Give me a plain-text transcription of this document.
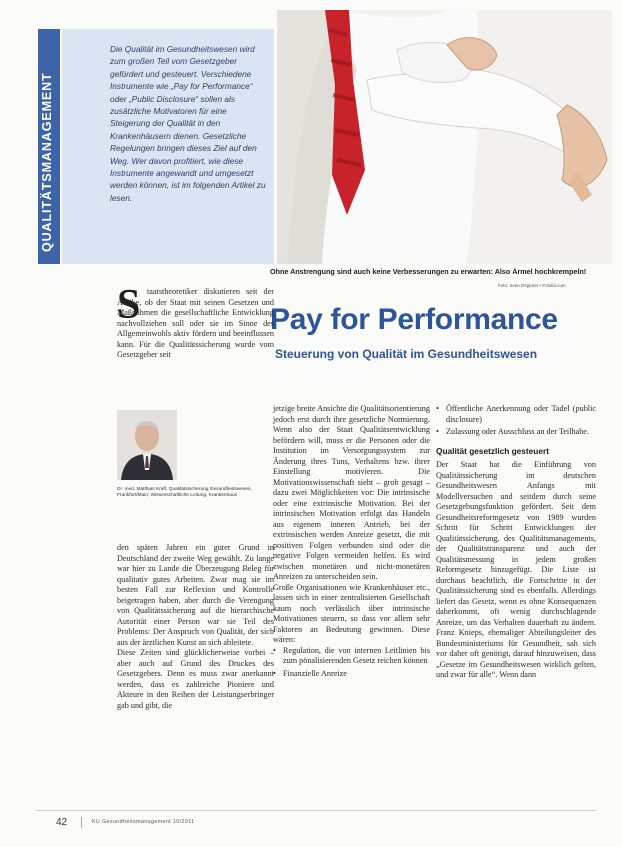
QUALITÄTSMANAGEMENT

Die Qualität im Gesundheitswesen wird zum großen Teil vom Gesetzgeber gefördert und gesteuert. Verschiedene Instrumente wie „Pay for Performance“ oder „Public Disclosure“ sollen als zusätzliche Motivatoren für eine Steigerung der Qualität in den Krankenhäusern dienen. Gesetzliche Regelungen bringen dieses Ziel auf den Weg. Wer davon profitiert, wie diese Instrumente angewandt und umgesetzt werden können, ist im folgenden Artikel zu lesen.

Ohne Anstrengung sind auch keine Verbesserungen zu erwarten: Also Ärmel hochkrempeln!

Foto: Sven Deppner • Fotolia.com
Pay for Performance
Steuerung von Qualität im Gesundheitswesen
S taatstheoretiker diskutieren seit der Antike, ob der Staat mit seinen Gesetzen und Maßnahmen die gesellschaftliche Entwicklung nachvollziehen soll oder sie im Sinne des Allgemeinwohls aktiv fördern und beeinflussen kann. Für die Qualitätssicherung wurde vom Gesetzgeber seit

Dr. med. Matthias Kraft, Qualitätssicherung Gesundheitswesen, Frankfurt/Main; Wissenschaftliche Leitung, Krankenhaus

den späten Jahren ein guter Grund in Deutschland der zweite Weg gewählt. Zu lange war hier zu Lande die Überzeugung Beleg für qualitativ gutes Arbeiten. Zwar mag sie im besten Fall zur Reflexion und Kontrolle beigetragen haben, aber durch die Verengung von Qualitätssicherung auf die hierarchische Autorität einer Person war sie Teil des Problems: Der Anspruch von Qualität, der sich aus der ärztlichen Kunst an sich ableitete.

Diese Zeiten sind glücklicherweise vorbei – aber auch auf Grund des Druckes des Gesetzgebers. Denn es muss zwar anerkannt werden, dass es zahlreiche Pioniere und Akteure in den Reihen der Leistungserbringer gab und gibt, die

jetzige breite Ansichte die Qualitätsorientierung jedoch erst durch ihre gesetzliche Normierung. Wenn also der Staat Qualitätsentwicklung befördern will, muss er die Personen oder die Institution im Versorgungssystem zur Änderung ihres Tuns, Verhaltens bzw. ihrer Einstellung motivieren. Die Motivationswissenschaft sieht – grob gesagt – dazu zwei Möglichkeiten vor: Die intrinsische oder eine extrinsische Motivation. Bei der intrinsischen Motivation erfolgt das Handeln aus eigenem inneren Antrieb, bei der extrinsischen werden Anreize gesetzt, die mit positiven Folgen verbunden sind oder die negative Folgen vermeiden helfen. Es wird zwischen monetären und nicht-monetären Anreizen zu unterscheiden sein.

Große Organisationen wie Krankenhäuser etc., lassen sich in einer zentralisierten Gesellschaft kaum noch verlässlich über intrinsische Motivationen steuern, so dass vor allem sehr Faktoren an Bedeutung gewinnen. Diese wären:

• Regulation, die von internen Leitlinien bis zum pönalisierenden Gesetz reichen können

• Finanzielle Anreize

• Öffentliche Anerkennung oder Tadel (public disclosure)

• Zulassung oder Ausschluss an der Teilhabe.

Qualität gesetzlich gesteuert

Der Staat hat die Einführung von Qualitätssicherung im deutschen Gesundheitswesen Anfangs mit Modellversuchen und seitdem durch seine Gesetzgebungsfunktion gefördert. Seit dem Gesundheitsreformgesetz von 1989 wurden Schritt für Schritt Entwicklungen der Qualitätssicherung, des Qualitätsmanagements, der Qualitätstransparenz und auch der Qualitätsmessung in jedem großen Reformgesetz hinzugefügt. Die Liste ist durchaus beachtlich, die Fortschritte in der Qualitätssicherung sind es ebenfalls. Allerdings liefert das Gesetz, wenn es ohne Konsequenzen daherkommt, oft wenig durchschlagende Anreize, um das Verhalten dauerhaft zu ändern. Franz Knieps, ehemaliger Abteilungsleiter des Bundesministeriums für Gesundheit, sah sich vor daher oft genötigt, darauf hinzuweisen, dass „Gesetze im Gesundheitswesen wirklich gelten, und zwar für alle“. Wenn dann

42	KU Gesundheitsmanagement 10/2011
